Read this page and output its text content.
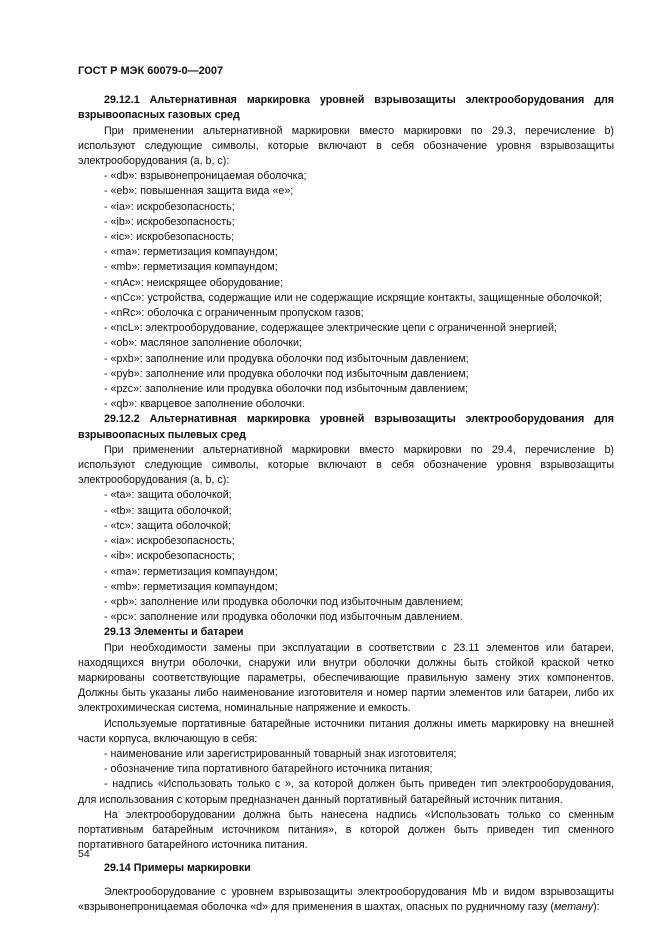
ГОСТ Р МЭК 60079-0—2007

29.12.1 Альтернативная маркировка уровней взрывозащиты электрооборудования для взрывоопасных газовых сред

При применении альтернативной маркировки вместо маркировки по 29.3, перечисление b) используют следующие символы, которые включают в себя обозначение уровня взрывозащиты электрооборудования (a, b, c):

- «db»: взрывонепроницаемая оболочка;

- «eb»: повышенная защита вида «e»;

- «ia»: искробезопасность;

- «ib»: искробезопасность;

- «ic»: искробезопасность;

- «ma»: герметизация компаундом;

- «mb»: герметизация компаундом;

- «nAc»: неискрящее оборудование;

- «nCc»: устройства, содержащие или не содержащие искрящие контакты, защищенные оболочкой;

- «nRc»: оболочка с ограниченным пропуском газов;

- «ncL»: электрооборудование, содержащее электрические цепи с ограниченной энергией;

- «ob»: масляное заполнение оболочки;

- «pxb»: заполнение или продувка оболочки под избыточным давлением;

- «pyb»: заполнение или продувка оболочки под избыточным давлением;

- «pzc»: заполнение или продувка оболочки под избыточным давлением;

- «qb»: кварцевое заполнение оболочки.

29.12.2 Альтернативная маркировка уровней взрывозащиты электрооборудования для взрывоопасных пылевых сред

При применении альтернативной маркировки вместо маркировки по 29.4, перечисление b) используют следующие символы, которые включают в себя обозначение уровня взрывозащиты электрооборудования (a, b, c):

- «ta»: защита оболочкой;

- «tb»: защита оболочкой;

- «tc»: защита оболочкой;

- «ia»: искробезопасность;

- «ib»: искробезопасность;

- «ma»: герметизация компаундом;

- «mb»: герметизация компаундом;

- «pb»: заполнение или продувка оболочки под избыточным давлением;

- «pc»: заполнение или продувка оболочки под избыточным давлением.

29.13 Элементы и батареи

При необходимости замены при эксплуатации в соответствии с 23.11 элементов или батареи, находящихся внутри оболочки, снаружи или внутри оболочки должны быть стойкой краской четко маркированы соответствующие параметры, обеспечивающие правильную замену этих компонентов. Должны быть указаны либо наименование изготовителя и номер партии элементов или батареи, либо их электрохимическая система, номинальные напряжение и емкость.

Используемые портативные батарейные источники питания должны иметь маркировку на внешней части корпуса, включающую в себя:

- наименование или зарегистрированный товарный знак изготовителя;

- обозначение типа портативного батарейного источника питания;

- надпись «Использовать только с », за которой должен быть приведен тип электрооборудования, для использования с которым предназначен данный портативный батарейный источник питания.

На электрооборудовании должна быть нанесена надпись «Использовать только со сменным портативным батарейным источником питания», в которой должен быть приведен тип сменного портативного батарейного источника питания.

29.14 Примеры маркировки

Электрооборудование с уровнем взрывозащиты электрооборудования Mb и видом взрывозащиты «взрывонепроницаемая оболочка «d» для применения в шахтах, опасных по рудничному газу (метану):

54
